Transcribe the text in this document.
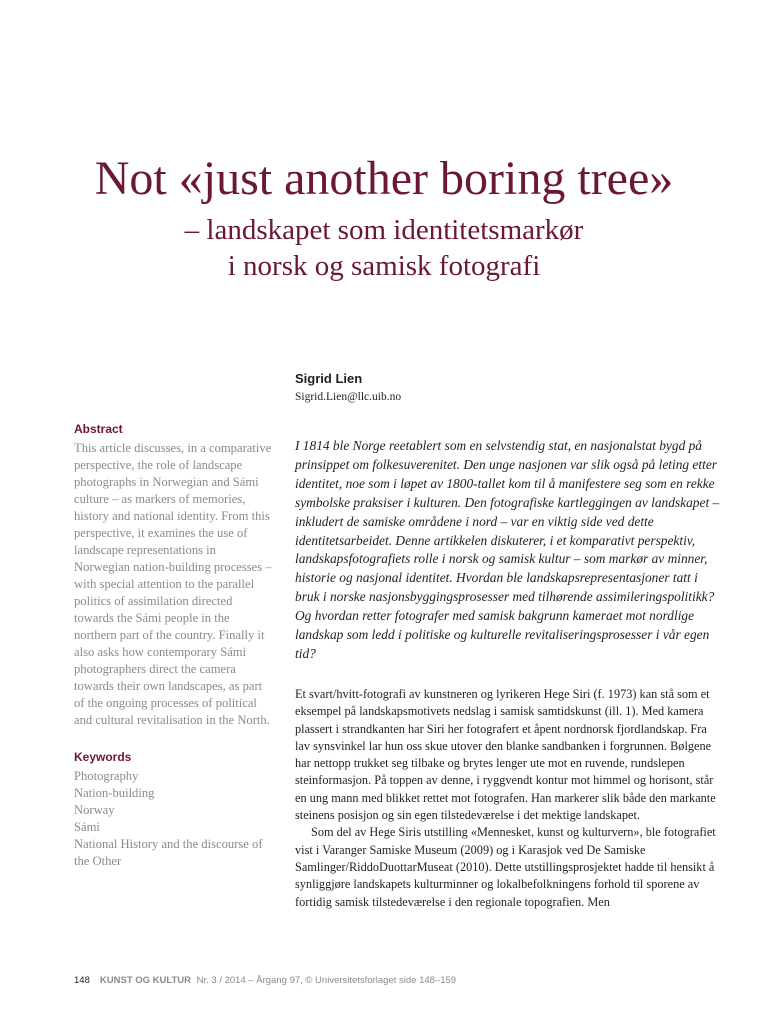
Not «just another boring tree»
– landskapet som identitetsmarkør
i norsk og samisk fotografi
Sigrid Lien
Sigrid.Lien@llc.uib.no
Abstract

This article discusses, in a comparative perspective, the role of landscape photographs in Norwegian and Sámi culture – as markers of memories, history and national identity. From this perspective, it examines the use of landscape representations in Norwegian nation-building processes – with special attention to the parallel politics of assimilation directed towards the Sámi people in the northern part of the country. Finally it also asks how contemporary Sámi photographers direct the camera towards their own landscapes, as part of the ongoing processes of political and cultural revitalisation in the North.

Keywords
Photography
Nation-building
Norway
Sámi
National History and the discourse of the Other

I 1814 ble Norge reetablert som en selvstendig stat, en nasjonalstat bygd på prinsippet om folkesuverenitet. Den unge nasjonen var slik også på leting etter identitet, noe som i løpet av 1800-tallet kom til å manifestere seg som en rekke symbolske praksiser i kulturen. Den fotografiske kartleggingen av landskapet – inkludert de samiske områdene i nord – var en viktig side ved dette identitetsarbeidet. Denne artikkelen diskuterer, i et komparativt perspektiv, landskapsfotografiets rolle i norsk og samisk kultur – som markør av minner, historie og nasjonal identitet. Hvordan ble landskapsrepresentasjoner tatt i bruk i norske nasjonsbyggingsprosesser med tilhørende assimileringspolitikk? Og hvordan retter fotografer med samisk bakgrunn kameraet mot nordlige landskap som ledd i politiske og kulturelle revitaliseringsprosesser i vår egen tid?

Et svart/hvitt-fotografi av kunstneren og lyrikeren Hege Siri (f. 1973) kan stå som et eksempel på landskapsmotivets nedslag i samisk samtidskunst (ill. 1). Med kamera plassert i strandkanten har Siri her fotografert et åpent nordnorsk fjordlandskap. Fra lav synsvinkel lar hun oss skue utover den blanke sandbanken i forgrunnen. Bølgene har nettopp trukket seg tilbake og brytes lenger ute mot en ruvende, rundslepen steinformasjon. På toppen av denne, i ryggvendt kontur mot himmel og horisont, står en ung mann med blikket rettet mot fotografen. Han markerer slik både den markante steinens posisjon og sin egen tilstedeværelse i det mektige landskapet.

Som del av Hege Siris utstilling «Mennesket, kunst og kulturvern», ble fotografiet vist i Varanger Samiske Museum (2009) og i Karasjok ved De Samiske Samlinger/RiddoDuottarMuseat (2010). Dette utstillingsprosjektet hadde til hensikt å synliggjøre landskapets kulturminner og lokalbefolkningens forhold til sporene av fortidig samisk tilstedeværelse i den regionale topografien. Men

148 KUNST OG KULTUR Nr. 3 / 2014 – Årgang 97, © Universitetsforlaget side 148–159
